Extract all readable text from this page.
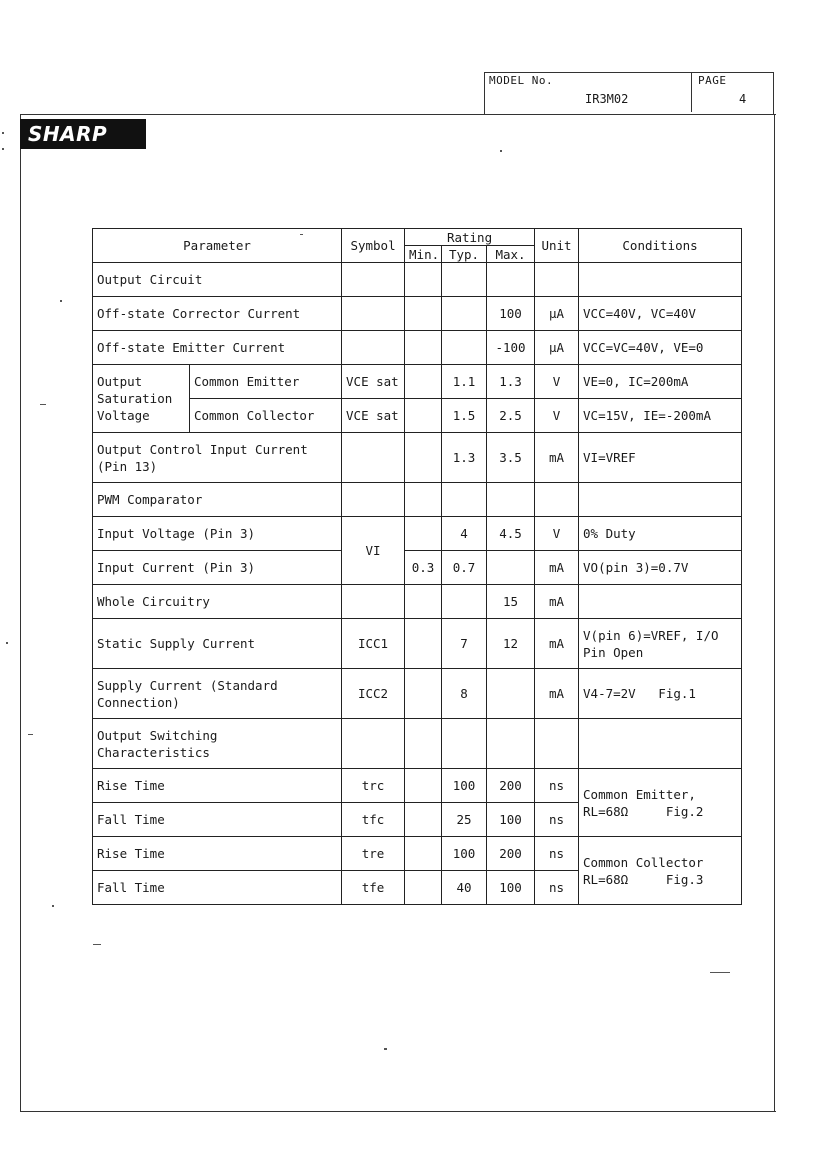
MODEL No.
IR3M02
PAGE
4
SHARP
Parameter		Symbol	Rating			Unit	Conditions
			Min.	Typ.	Max.		
Output Circuit							
Off-state Corrector Current					100	μA	VCC=40V, VC=40V
Off-state Emitter Current					-100	μA	VCC=VC=40V, VE=0
Output Saturation Voltage	Common Emitter	VCE sat		1.1	1.3	V	VE=0, IC=200mA
	Common Collector	VCE sat		1.5	2.5	V	VC=15V, IE=-200mA
Output Control Input Current (Pin 13)				1.3	3.5	mA	VI=VREF
PWM Comparator							
Input Voltage (Pin 3)		VI		4	4.5	V	0% Duty
Input Current (Pin 3)			0.3	0.7		mA	VO(pin 3)=0.7V
Whole Circuitry					15	mA	
Static Supply Current		ICC1		7	12	mA	V(pin 6)=VREF, I/O Pin Open
Supply Current (Standard Connection)		ICC2		8		mA	V4-7=2V   Fig.1
Output Switching Characteristics							
Rise Time		trc		100	200	ns	Common Emitter,
RL=68Ω     Fig.2

Fall Time		tfc		25	100	ns	
Rise Time		tre		100	200	ns	Common Collector
RL=68Ω     Fig.3

Fall Time		tfe		40	100	ns	
